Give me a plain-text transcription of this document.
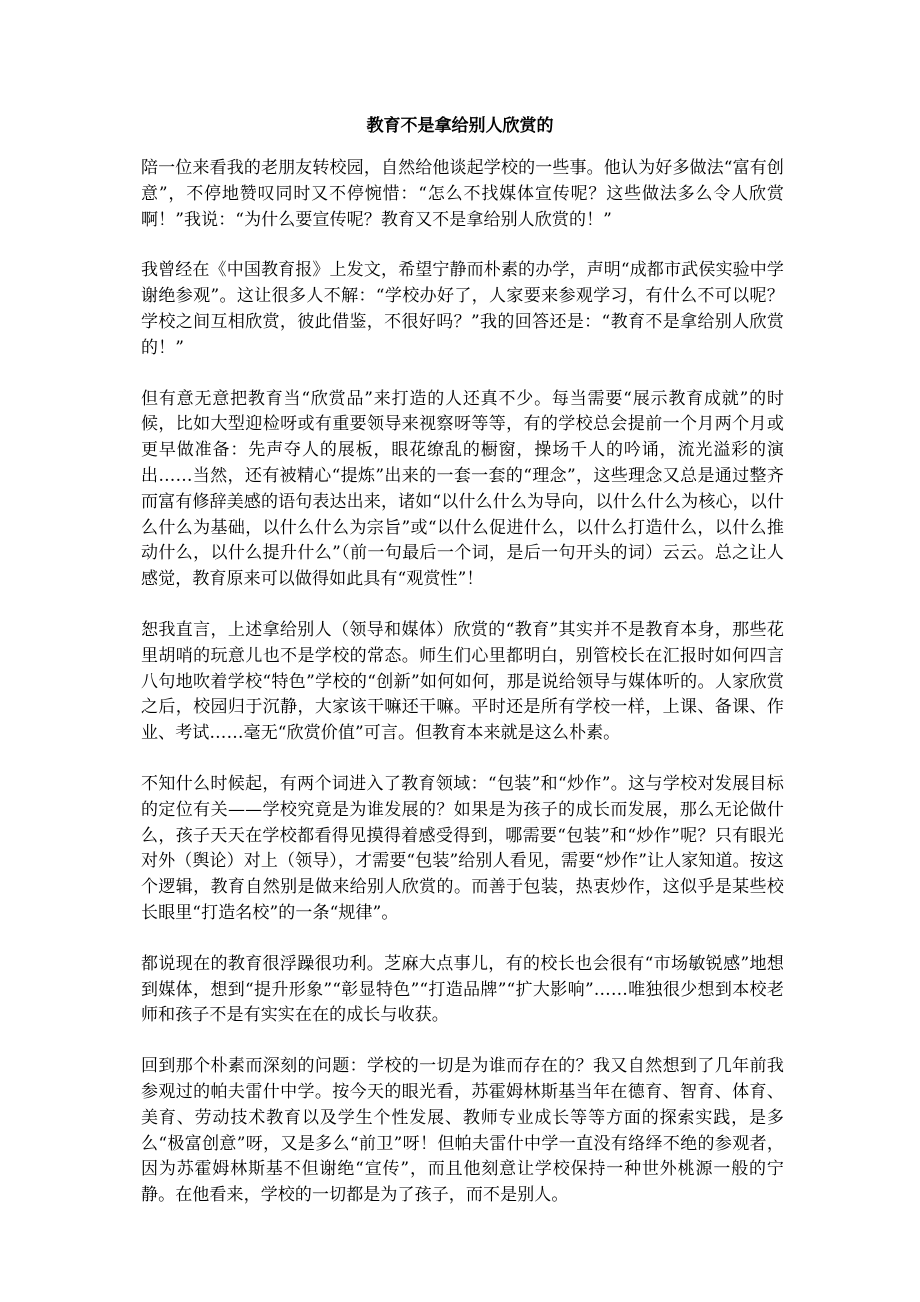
教育不是拿给别人欣赏的

陪一位来看我的老朋友转校园，自然给他谈起学校的一些事。他认为好多做法“富有创意”，不停地赞叹同时又不停惋惜：“怎么不找媒体宣传呢？这些做法多么令人欣赏啊！”我说：“为什么要宣传呢？教育又不是拿给别人欣赏的！”

我曾经在《中国教育报》上发文，希望宁静而朴素的办学，声明“成都市武侯实验中学谢绝参观”。这让很多人不解：“学校办好了，人家要来参观学习，有什么不可以呢？学校之间互相欣赏，彼此借鉴，不很好吗？”我的回答还是：“教育不是拿给别人欣赏的！”

但有意无意把教育当“欣赏品”来打造的人还真不少。每当需要“展示教育成就”的时候，比如大型迎检呀或有重要领导来视察呀等等，有的学校总会提前一个月两个月或更早做准备：先声夺人的展板，眼花缭乱的橱窗，操场千人的吟诵，流光溢彩的演出……当然，还有被精心“提炼”出来的一套一套的“理念”，这些理念又总是通过整齐而富有修辞美感的语句表达出来，诸如“以什么什么为导向，以什么什么为核心，以什么什么为基础，以什么什么为宗旨”或“以什么促进什么，以什么打造什么，以什么推动什么，以什么提升什么”（前一句最后一个词，是后一句开头的词）云云。总之让人感觉，教育原来可以做得如此具有“观赏性”！

恕我直言，上述拿给别人（领导和媒体）欣赏的“教育”其实并不是教育本身，那些花里胡哨的玩意儿也不是学校的常态。师生们心里都明白，别管校长在汇报时如何四言八句地吹着学校“特色”学校的“创新”如何如何，那是说给领导与媒体听的。人家欣赏之后，校园归于沉静，大家该干嘛还干嘛。平时还是所有学校一样，上课、备课、作业、考试……毫无“欣赏价值”可言。但教育本来就是这么朴素。

不知什么时候起，有两个词进入了教育领域：“包装”和“炒作”。这与学校对发展目标的定位有关——学校究竟是为谁发展的？如果是为孩子的成长而发展，那么无论做什么，孩子天天在学校都看得见摸得着感受得到，哪需要“包装”和“炒作”呢？只有眼光对外（舆论）对上（领导），才需要“包装”给别人看见，需要“炒作”让人家知道。按这个逻辑，教育自然别是做来给别人欣赏的。而善于包装，热衷炒作，这似乎是某些校长眼里“打造名校”的一条“规律”。

都说现在的教育很浮躁很功利。芝麻大点事儿，有的校长也会很有“市场敏锐感”地想到媒体，想到“提升形象”“彰显特色”“打造品牌”“扩大影响”……唯独很少想到本校老师和孩子不是有实实在在的成长与收获。

回到那个朴素而深刻的问题：学校的一切是为谁而存在的？我又自然想到了几年前我参观过的帕夫雷什中学。按今天的眼光看，苏霍姆林斯基当年在德育、智育、体育、美育、劳动技术教育以及学生个性发展、教师专业成长等等方面的探索实践，是多么“极富创意”呀，又是多么“前卫”呀！但帕夫雷什中学一直没有络绎不绝的参观者，因为苏霍姆林斯基不但谢绝“宣传”，而且他刻意让学校保持一种世外桃源一般的宁静。在他看来，学校的一切都是为了孩子，而不是别人。
